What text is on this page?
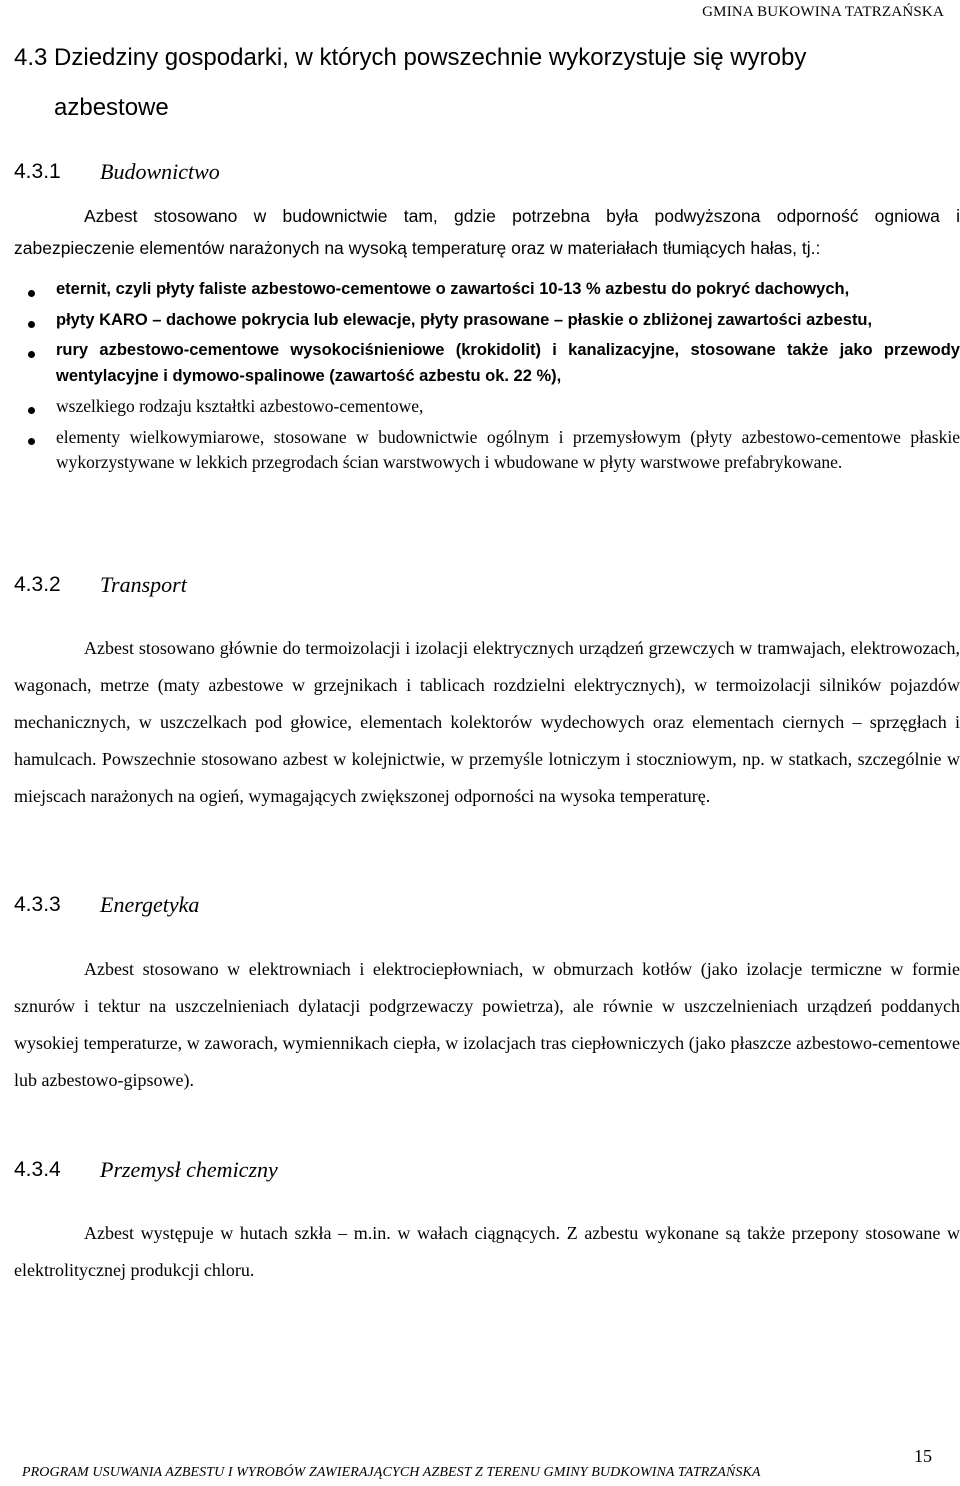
GMINA BUKOWINA TATRZAŃSKA
4.3 Dziedziny gospodarki, w których powszechnie wykorzystuje się wyroby
azbestowe
4.3.1 Budownictwo
Azbest stosowano w budownictwie tam, gdzie potrzebna była podwyższona odporność ogniowa i zabezpieczenie elementów narażonych na wysoką temperaturę oraz w materiałach tłumiących hałas, tj.:
eternit, czyli płyty faliste azbestowo-cementowe o zawartości 10-13 % azbestu do pokryć dachowych,
płyty KARO – dachowe pokrycia lub elewacje, płyty prasowane – płaskie o zbliżonej zawartości azbestu,
rury azbestowo-cementowe wysokociśnieniowe (krokidolit) i kanalizacyjne, stosowane także jako przewody wentylacyjne i dymowo-spalinowe (zawartość azbestu ok. 22 %),
wszelkiego rodzaju kształtki azbestowo-cementowe,
elementy wielkowymiarowe, stosowane w budownictwie ogólnym i przemysłowym (płyty azbestowo-cementowe płaskie wykorzystywane w lekkich przegrodach ścian warstwowych i wbudowane w płyty warstwowe prefabrykowane.
4.3.2 Transport
Azbest stosowano głównie do termoizolacji i izolacji elektrycznych urządzeń grzewczych w tramwajach, elektrowozach, wagonach, metrze (maty azbestowe w grzejnikach i tablicach rozdzielni elektrycznych), w termoizolacji silników pojazdów mechanicznych, w uszczelkach pod głowice, elementach kolektorów wydechowych oraz elementach ciernych – sprzęgłach i hamulcach. Powszechnie stosowano azbest w kolejnictwie, w przemyśle lotniczym i stoczniowym, np. w statkach, szczególnie w miejscach narażonych na ogień, wymagających zwiększonej odporności na wysoka temperaturę.
4.3.3 Energetyka
Azbest stosowano w elektrowniach i elektrociepłowniach, w obmurzach kotłów (jako izolacje termiczne w formie sznurów i tektur na uszczelnieniach dylatacji podgrzewaczy powietrza), ale równie w uszczelnieniach urządzeń poddanych wysokiej temperaturze, w zaworach, wymiennikach ciepła, w izolacjach tras ciepłowniczych (jako płaszcze azbestowo-cementowe lub azbestowo-gipsowe).
4.3.4 Przemysł chemiczny
Azbest występuje w hutach szkła – m.in. w wałach ciągnących. Z azbestu wykonane są także przepony stosowane w elektrolitycznej produkcji chloru.
15
PROGRAM USUWANIA AZBESTU I WYROBÓW ZAWIERAJĄCYCH AZBEST Z TERENU GMINY BUDKOWINA TATRZAŃSKA
